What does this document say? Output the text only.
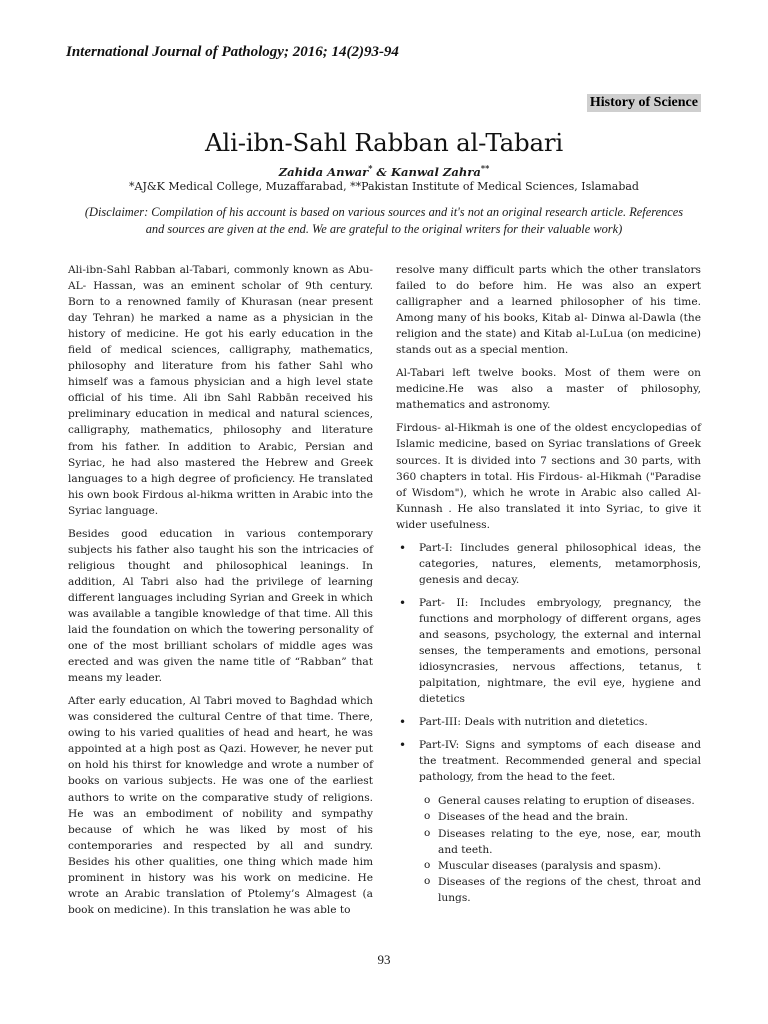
International Journal of Pathology; 2016; 14(2)93-94
History of Science
Ali-ibn-Sahl Rabban al-Tabari
Zahida Anwar* & Kanwal Zahra**
*AJ&K Medical College, Muzaffarabad, **Pakistan Institute of Medical Sciences, Islamabad
(Disclaimer: Compilation of his account is based on various sources and it's not an original research article. References and sources are given at the end. We are grateful to the original writers for their valuable work)

Ali-ibn-Sahl Rabban al-Tabari, commonly known as Abu-AL- Hassan, was an eminent scholar of 9th century. Born to a renowned family of Khurasan (near present day Tehran) he marked a name as a physician in the history of medicine. He got his early education in the field of medical sciences, calligraphy, mathematics, philosophy and literature from his father Sahl who himself was a famous physician and a high level state official of his time. Ali ibn Sahl Rabbān received his preliminary education in medical and natural sciences, calligraphy, mathematics, philosophy and literature from his father. In addition to Arabic, Persian and Syriac, he had also mastered the Hebrew and Greek languages to a high degree of proficiency. He translated his own book Firdous al-hikma written in Arabic into the Syriac language.

Besides good education in various contemporary subjects his father also taught his son the intricacies of religious thought and philosophical leanings. In addition, Al Tabri also had the privilege of learning different languages including Syrian and Greek in which was available a tangible knowledge of that time. All this laid the foundation on which the towering personality of one of the most brilliant scholars of middle ages was erected and was given the name title of “Rabban” that means my leader.

After early education, Al Tabri moved to Baghdad which was considered the cultural Centre of that time. There, owing to his varied qualities of head and heart, he was appointed at a high post as Qazi. However, he never put on hold his thirst for knowledge and wrote a number of books on various subjects. He was one of the earliest authors to write on the comparative study of religions. He was an embodiment of nobility and sympathy because of which he was liked by most of his contemporaries and respected by all and sundry. Besides his other qualities, one thing which made him prominent in history was his work on medicine. He wrote an Arabic translation of Ptolemy’s Almagest (a book on medicine). In this translation he was able to

resolve many difficult parts which the other translators failed to do before him. He was also an expert calligrapher and a learned philosopher of his time. Among many of his books, Kitab al- Dinwa al-Dawla (the religion and the state) and Kitab al-LuLua (on medicine) stands out as a special mention.

Al-Tabari left twelve books. Most of them were on medicine.He was also a master of philosophy, mathematics and astronomy.

Firdous- al-Hikmah is one of the oldest encyclopedias of Islamic medicine, based on Syriac translations of Greek sources. It is divided into 7 sections and 30 parts, with 360 chapters in total. His Firdous- al-Hikmah ("Paradise of Wisdom"), which he wrote in Arabic also called Al-Kunnash . He also translated it into Syriac, to give it wider usefulness.

• Part-I: Iincludes general philosophical ideas, the categories, natures, elements, metamorphosis, genesis and decay.
• Part- II: Includes embryology, pregnancy, the functions and morphology of different organs, ages and seasons, psychology, the external and internal senses, the temperaments and emotions, personal idiosyncrasies, nervous affections, tetanus, t palpitation, nightmare, the evil eye, hygiene and dietetics
• Part-III: Deals with nutrition and dietetics.
• Part-IV: Signs and symptoms of each disease and the treatment. Recommended general and special pathology, from the head to the feet.
o General causes relating to eruption of diseases.
o Diseases of the head and the brain.
o Diseases relating to the eye, nose, ear, mouth and teeth.
o Muscular diseases (paralysis and spasm).
o Diseases of the regions of the chest, throat and lungs.
93
